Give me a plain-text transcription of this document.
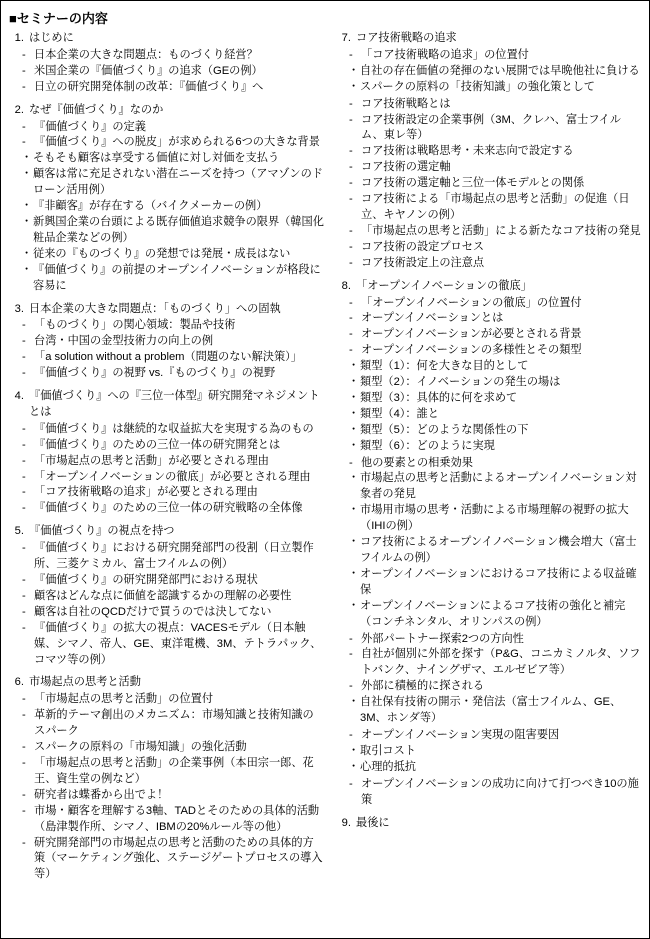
■セミナーの内容
1. はじめに
- 日本企業の大きな問題点：ものづくり経営？
- 米国企業の『価値づくり』の追求（GEの例）
- 日立の研究開発体制の改革：『価値づくり』へ
2. なぜ『価値づくり』なのか
- 『価値づくり』の定義
- 『価値づくり』への脱皮」が求められる6つの大きな背景
・ そもそも顧客は享受する価値に対し対価を支払う
・ 顧客は常に充足されない潜在ニーズを持つ（アマゾンのドローン活用例）
・ 『非顧客』が存在する（バイクメーカーの例）
・ 新興国企業の台頭による既存価値追求競争の限界（韓国化粧品企業などの例）
・ 従来の『ものづくり』の発想では発展・成長はない
・ 『価値づくり』の前提のオープンイノベーションが格段に容易に
3. 日本企業の大きな問題点：「ものづくり」への固執
- 「ものづくり」の関心領域：製品や技術
- 台湾・中国の金型技術力の向上の例
- 「a solution without a problem（問題のない解決策）」
- 『価値づくり』の視野 vs.『ものづくり』の視野
4. 『価値づくり』への『三位一体型』研究開発マネジメントとは
- 『価値づくり』は継続的な収益拡大を実現する為のもの
- 『価値づくり』のための三位一体の研究開発とは
- 「市場起点の思考と活動」が必要とされる理由
- 「オープンイノベーションの徹底」が必要とされる理由
- 「コア技術戦略の追求」が必要とされる理由
- 『価値づくり』のための三位一体の研究戦略の全体像
5. 『価値づくり』の視点を持つ
- 『価値づくり』における研究開発部門の役割（日立製作所、三菱ケミカル、富士フイルムの例）
- 『価値づくり』の研究開発部門における現状
- 顧客はどんな点に価値を認識するかの理解の必要性
- 顧客は自社のQCDだけで買うのでは決してない
- 『価値づくり』の拡大の視点：VACESモデル（日本触媒、シマノ、帝人、GE、東洋電機、3M、テトラパック、コマツ等の例）
6. 市場起点の思考と活動
- 「市場起点の思考と活動」の位置付
- 革新的テーマ創出のメカニズム：市場知識と技術知識のスパーク
- スパークの原料の「市場知識」の強化活動
- 「市場起点の思考と活動」の企業事例（本田宗一郎、花王、資生堂の例など）
- 研究者は蝶番から出でよ！
- 市場・顧客を理解する3軸、TADとそのための具体的活動（島津製作所、シマノ、IBMの20%ルール等の他）
- 研究開発部門の市場起点の思考と活動のための具体的方策（マーケティング強化、ステージゲートプロセスの導入等）
7. コア技術戦略の追求
- 「コア技術戦略の追求」の位置付
・ 自社の存在価値の発揮のない展開では早晩他社に負ける
・ スパークの原料の「技術知識」の強化策として
- コア技術戦略とは
- コア技術設定の企業事例（3M、クレハ、富士フイルム、東レ等）
- コア技術は戦略思考・未来志向で設定する
- コア技術の選定軸
- コア技術の選定軸と三位一体モデルとの関係
- コア技術による「市場起点の思考と活動」の促進（日立、キヤノンの例）
- 「市場起点の思考と活動」による新たなコア技術の発見
- コア技術の設定プロセス
- コア技術設定上の注意点
8. 「オープンイノベーションの徹底」
- 「オープンイノベーションの徹底」の位置付
- オープンイノベーションとは
- オープンイノベーションが必要とされる背景
- オープンイノベーションの多様性とその類型
・ 類型（1）：何を大きな目的として
・ 類型（2）：イノベーションの発生の場は
・ 類型（3）：具体的に何を求めて
・ 類型（4）：誰と
・ 類型（5）：どのような関係性の下
・ 類型（6）：どのように実現
- 他の要素との相乗効果
・ 市場起点の思考と活動によるオープンイノベーション対象者の発見
・ 市場用市場の思考・活動による市場理解の視野の拡大（IHIの例）
・ コア技術によるオープンイノベーション機会増大（富士フイルムの例）
・ オープンイノベーションにおけるコア技術による収益確保
・ オープンイノベーションによるコア技術の強化と補完（コンチネンタル、オリンパスの例）
- 外部パートナー探索2つの方向性
- 自社が個別に外部を探す（P&G、コニカミノルタ、ソフトバンク、ナイングザマ、エルゼビア等）
- 外部に積極的に探される
・ 自社保有技術の開示・発信法（富士フイルム、GE、3M、ホンダ等）
- オープンイノベーション実現の阻害要因
・ 取引コスト
・ 心理的抵抗
- オープンイノベーションの成功に向けて打つべき10の施策
9. 最後に
